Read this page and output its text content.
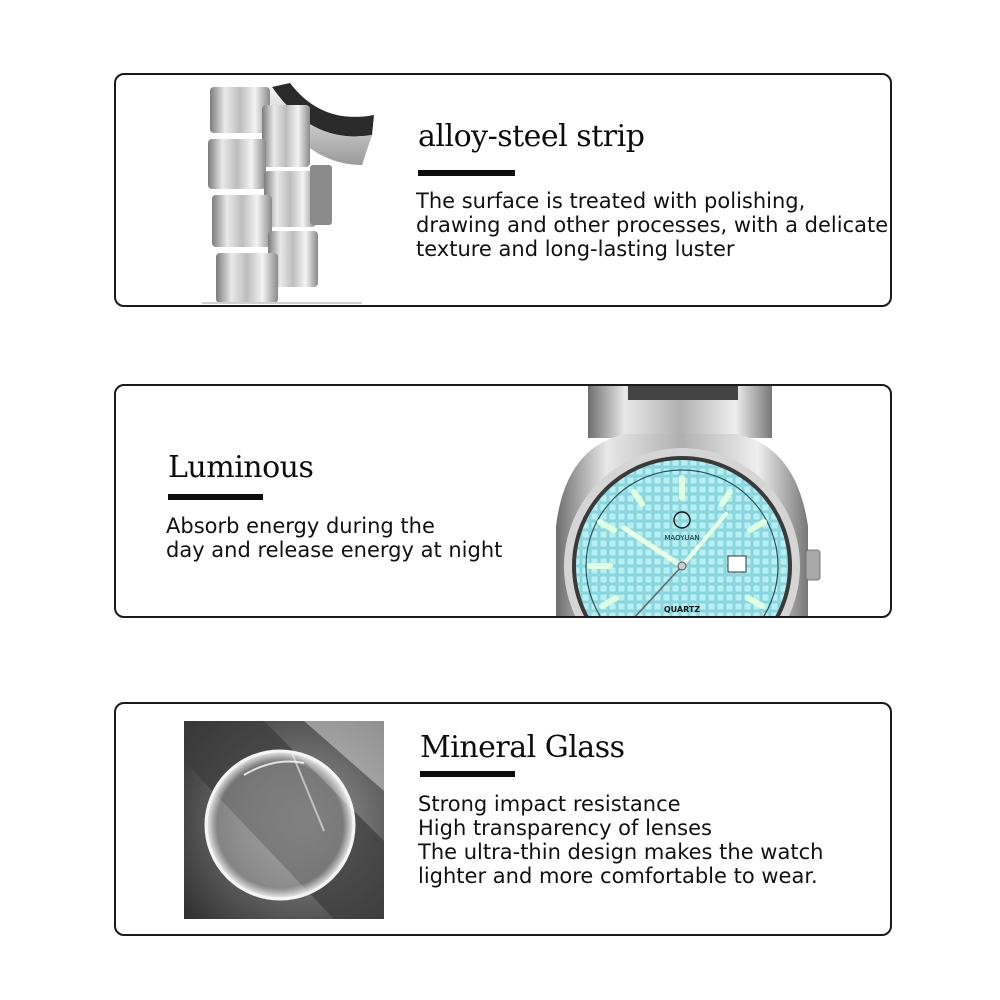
alloy-steel strip

The surface is treated with polishing,
drawing and other processes, with a delicate
texture and long-lasting luster

Luminous

Absorb energy during the
day and release energy at night	MAOYUAN
QUARTZ
Mineral Glass

Strong impact resistance
High transparency of lenses
The ultra-thin design makes the watch
lighter and more comfortable to wear.
